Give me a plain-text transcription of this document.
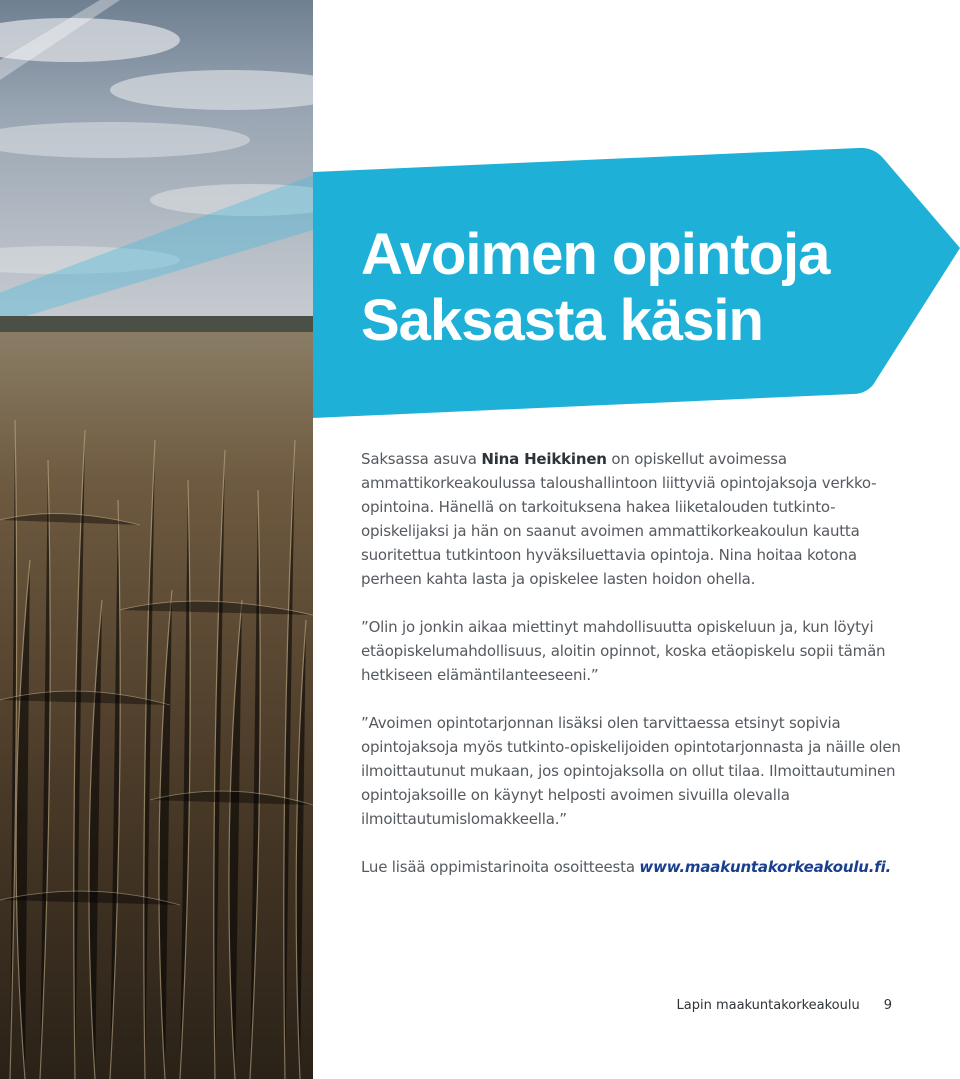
Avoimen opintoja
Saksasta käsin

Saksassa asuva Nina Heikkinen on opiskellut avoimessa ammattikorkeakoulussa taloushallintoon liittyviä opintojaksoja verkko-opintoina. Hänellä on tarkoituksena hakea liiketalouden tutkinto-opiskelijaksi ja hän on saanut avoimen ammattikorkeakoulun kautta suoritettua tutkintoon hyväksiluettavia opintoja. Nina hoitaa kotona perheen kahta lasta ja opiskelee lasten hoidon ohella.

”Olin jo jonkin aikaa miettinyt mahdollisuutta opiskeluun ja, kun löytyi etäopiskelumahdollisuus, aloitin opinnot, koska etäopiskelu sopii tämän hetkiseen elämäntilanteeseeni.”

”Avoimen opintotarjonnan lisäksi olen tarvittaessa etsinyt sopivia opintojaksoja myös tutkinto-opiskelijoiden opintotarjonnasta ja näille olen ilmoittautunut mukaan, jos opintojaksolla on ollut tilaa. Ilmoittautuminen opintojaksoille on käynyt helposti avoimen sivuilla olevalla ilmoittautumislomakkeella.”

Lue lisää oppimistarinoita osoitteesta www.maakuntakorkeakoulu.fi.

Lapin maakuntakorkeakoulu 9
